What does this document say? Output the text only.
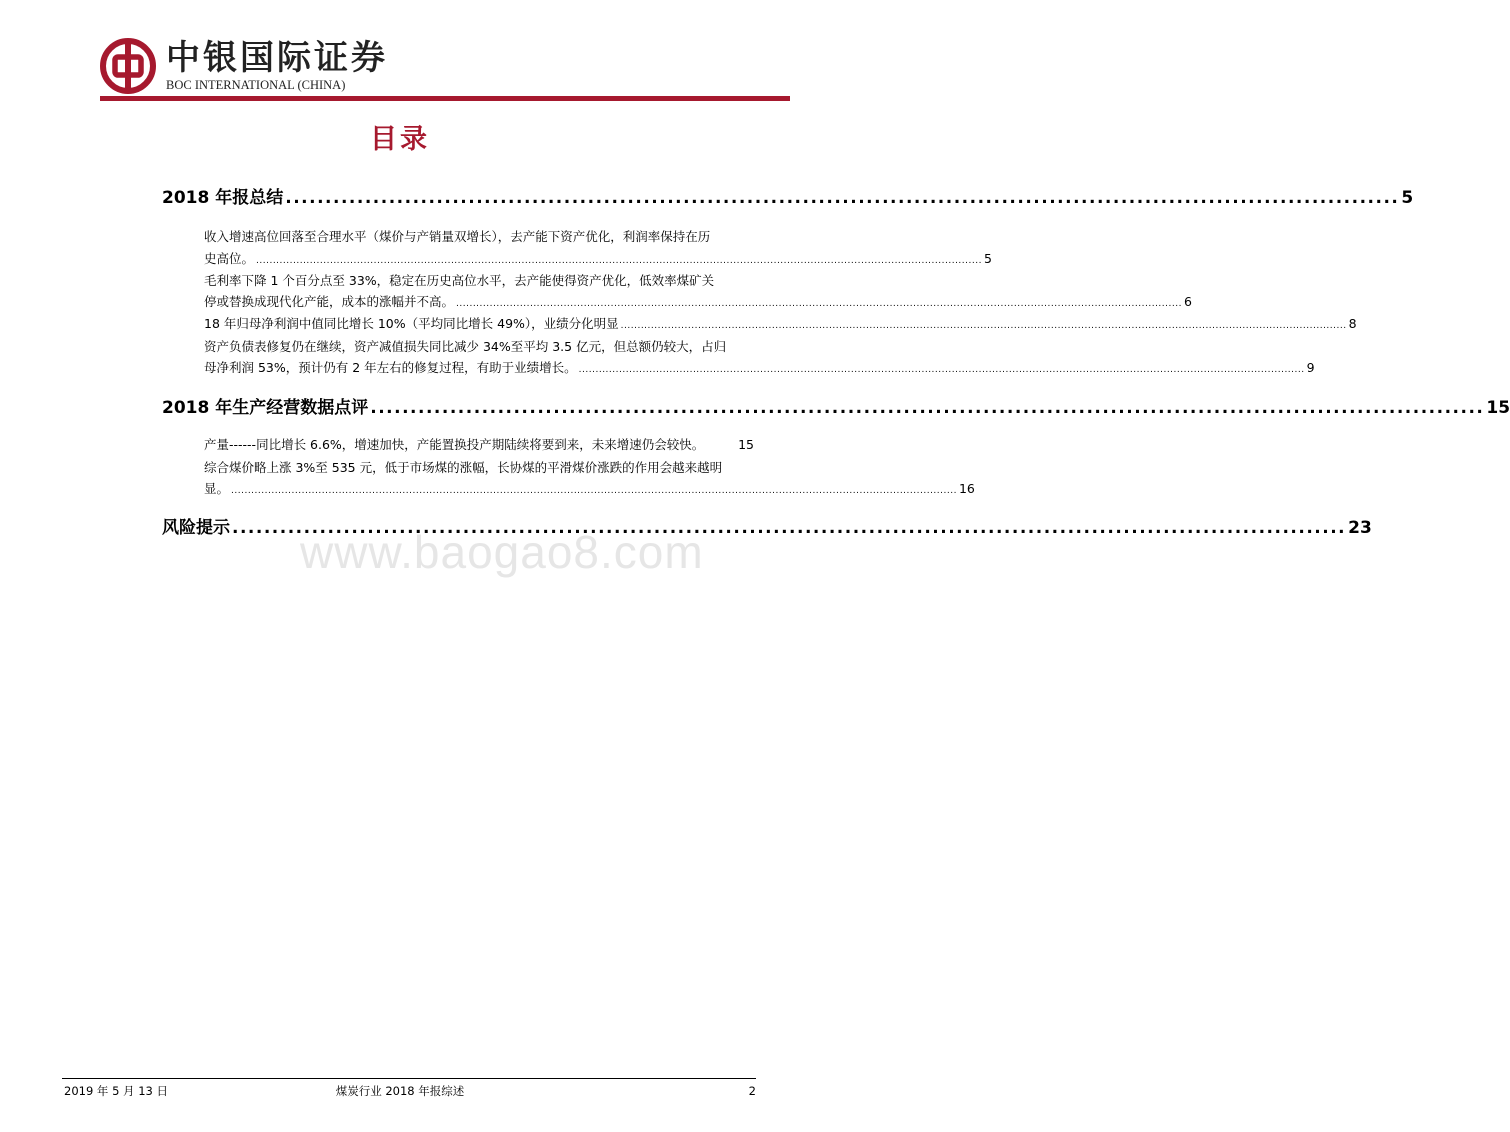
中银国际证券
BOC INTERNATIONAL (CHINA)
目录
2018 年报总结 ............................................................................................................................................ 5
收入增速高位回落至合理水平（煤价与产销量双增长），去产能下资产优化，利润率保持在历
史高位。 ........................................................................................................................................................................................................................ 5
毛利率下降 1 个百分点至 33%，稳定在历史高位水平，去产能使得资产优化，低效率煤矿关
停或替换成现代化产能，成本的涨幅并不高。 ........................................................................................................................................................................................................................ 6
18 年归母净利润中值同比增长 10%（平均同比增长 49%），业绩分化明显 ........................................................................................................................................................................................................................ 8
资产负债表修复仍在继续，资产减值损失同比减少 34%至平均 3.5 亿元，但总额仍较大，占归
母净利润 53%，预计仍有 2 年左右的修复过程，有助于业绩增长。 ........................................................................................................................................................................................................................ 9
2018 年生产经营数据点评 ............................................................................................................................................ 15
产量------同比增长 6.6%，增速加快，产能置换投产期陆续将要到来，未来增速仍会较快。	15
综合煤价略上涨 3%至 535 元，低于市场煤的涨幅，长协煤的平滑煤价涨跌的作用会越来越明
显。 ........................................................................................................................................................................................................................ 16
风险提示 ............................................................................................................................................ 23
www.baogao8.com
2019 年 5 月 13 日	煤炭行业 2018 年报综述	2
